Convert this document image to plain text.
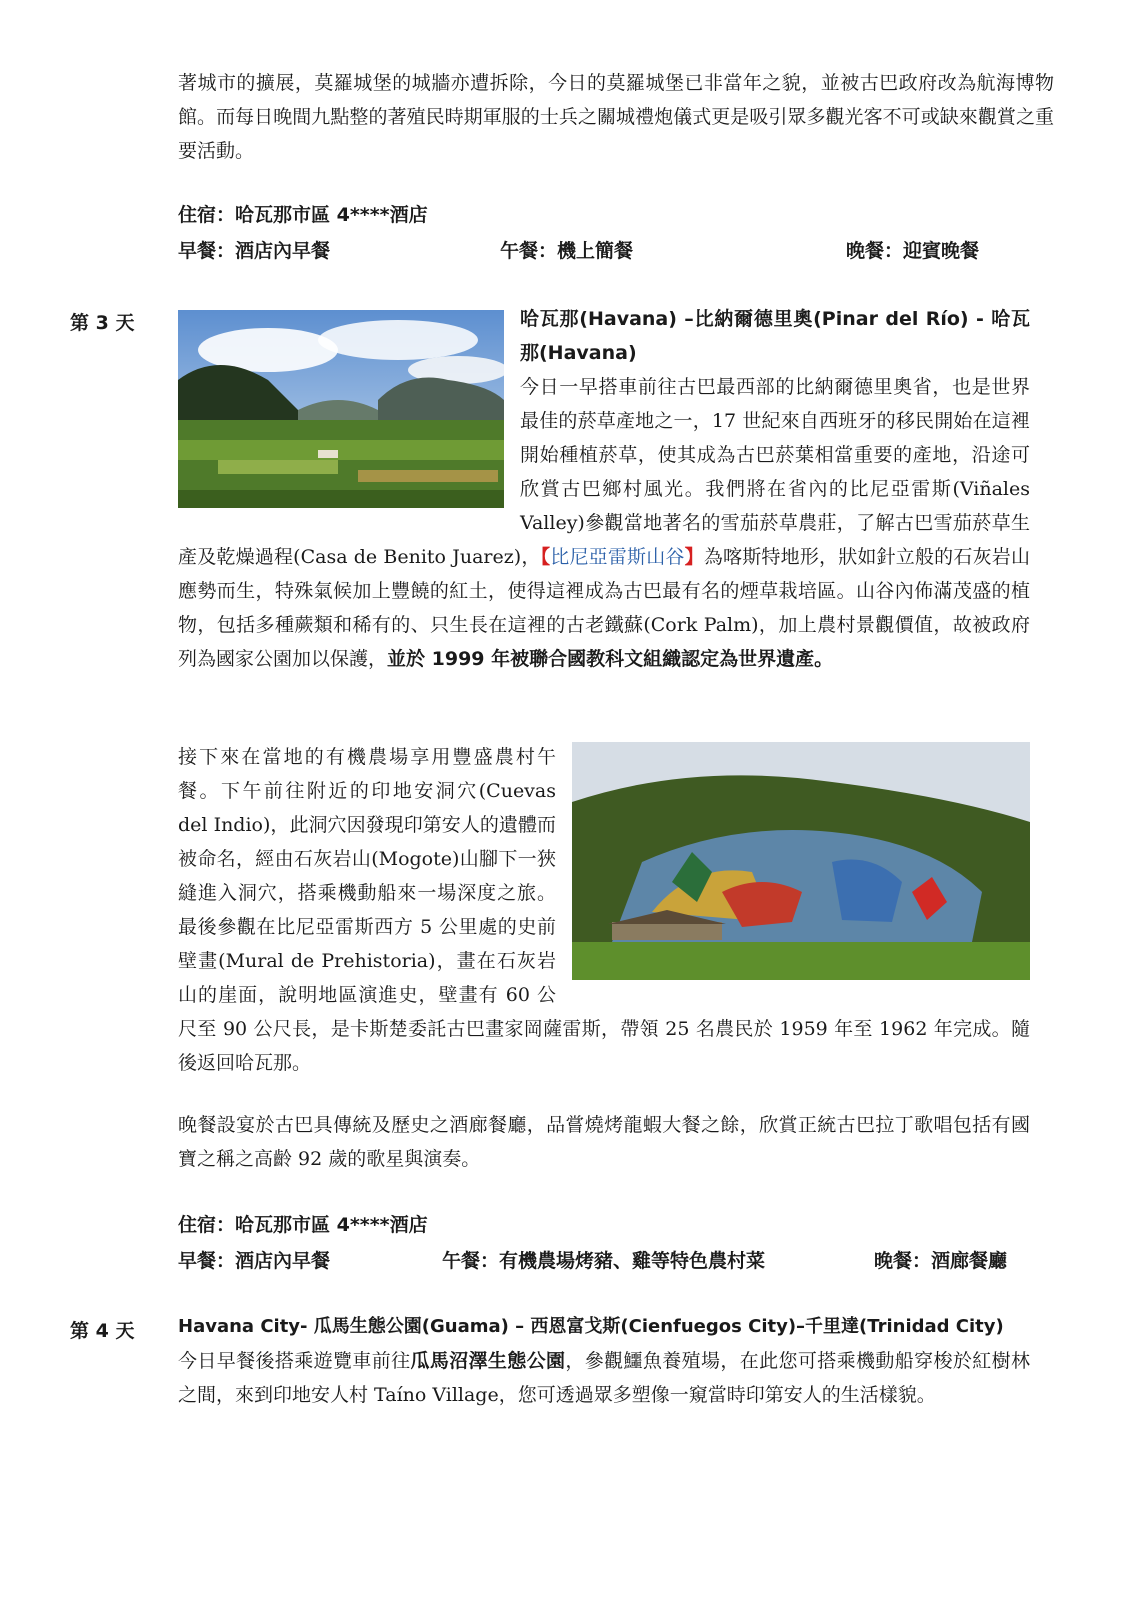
著城市的擴展，莫羅城堡的城牆亦遭拆除，今日的莫羅城堡已非當年之貌，並被古巴政府改為航海博物館。而每日晚間九點整的著殖民時期軍服的士兵之關城禮炮儀式更是吸引眾多觀光客不可或缺來觀賞之重要活動。

住宿：哈瓦那市區 4****酒店
早餐：酒店內早餐	午餐：機上簡餐	晚餐：迎賓晚餐
第 3 天	哈瓦那(Havana) –比納爾德里奧(Pinar del Río) - 哈瓦那(Havana)

今日一早搭車前往古巴最西部的比納爾德里奧省，也是世界最佳的菸草產地之一，17 世紀來自西班牙的移民開始在這裡開始種植菸草，使其成為古巴菸葉相當重要的產地，沿途可欣賞古巴鄉村風光。我們將在省內的比尼亞雷斯(Viñales Valley)參觀當地著名的雪茄菸草農莊，了解古巴雪茄菸草生產及乾燥過程(Casa de Benito Juarez)，【比尼亞雷斯山谷】為喀斯特地形，狀如針立般的石灰岩山應勢而生，特殊氣候加上豐饒的紅土，使得這裡成為古巴最有名的煙草栽培區。山谷內佈滿茂盛的植物，包括多種蕨類和稀有的、只生長在這裡的古老鐵蘇(Cork Palm)，加上農村景觀價值，故被政府列為國家公園加以保護，並於 1999 年被聯合國教科文組織認定為世界遺產。

接下來在當地的有機農場享用豐盛農村午餐。下午前往附近的印地安洞穴(Cuevas del Indio)，此洞穴因發現印第安人的遺體而被命名，經由石灰岩山(Mogote)山腳下一狹縫進入洞穴，搭乘機動船來一場深度之旅。最後參觀在比尼亞雷斯西方 5 公里處的史前壁畫(Mural de Prehistoria)，畫在石灰岩山的崖面，說明地區演進史，壁畫有 60 公尺至 90 公尺長，是卡斯楚委託古巴畫家岡薩雷斯，帶領 25 名農民於 1959 年至 1962 年完成。隨後返回哈瓦那。

晚餐設宴於古巴具傳統及歷史之酒廊餐廳，品嘗燒烤龍蝦大餐之餘，欣賞正統古巴拉丁歌唱包括有國寶之稱之高齡 92 歲的歌星與演奏。

住宿：哈瓦那市區 4****酒店
早餐：酒店內早餐	午餐：有機農場烤豬、雞等特色農村菜	晚餐：酒廊餐廳
第 4 天 Havana City- 瓜馬生態公園(Guama) – 西恩富戈斯(Cienfuegos City)–千里達(Trinidad City)

今日早餐後搭乘遊覽車前往瓜馬沼澤生態公園，參觀鱷魚養殖場，在此您可搭乘機動船穿梭於紅樹林之間，來到印地安人村 Taíno Village，您可透過眾多塑像一窺當時印第安人的生活樣貌。
